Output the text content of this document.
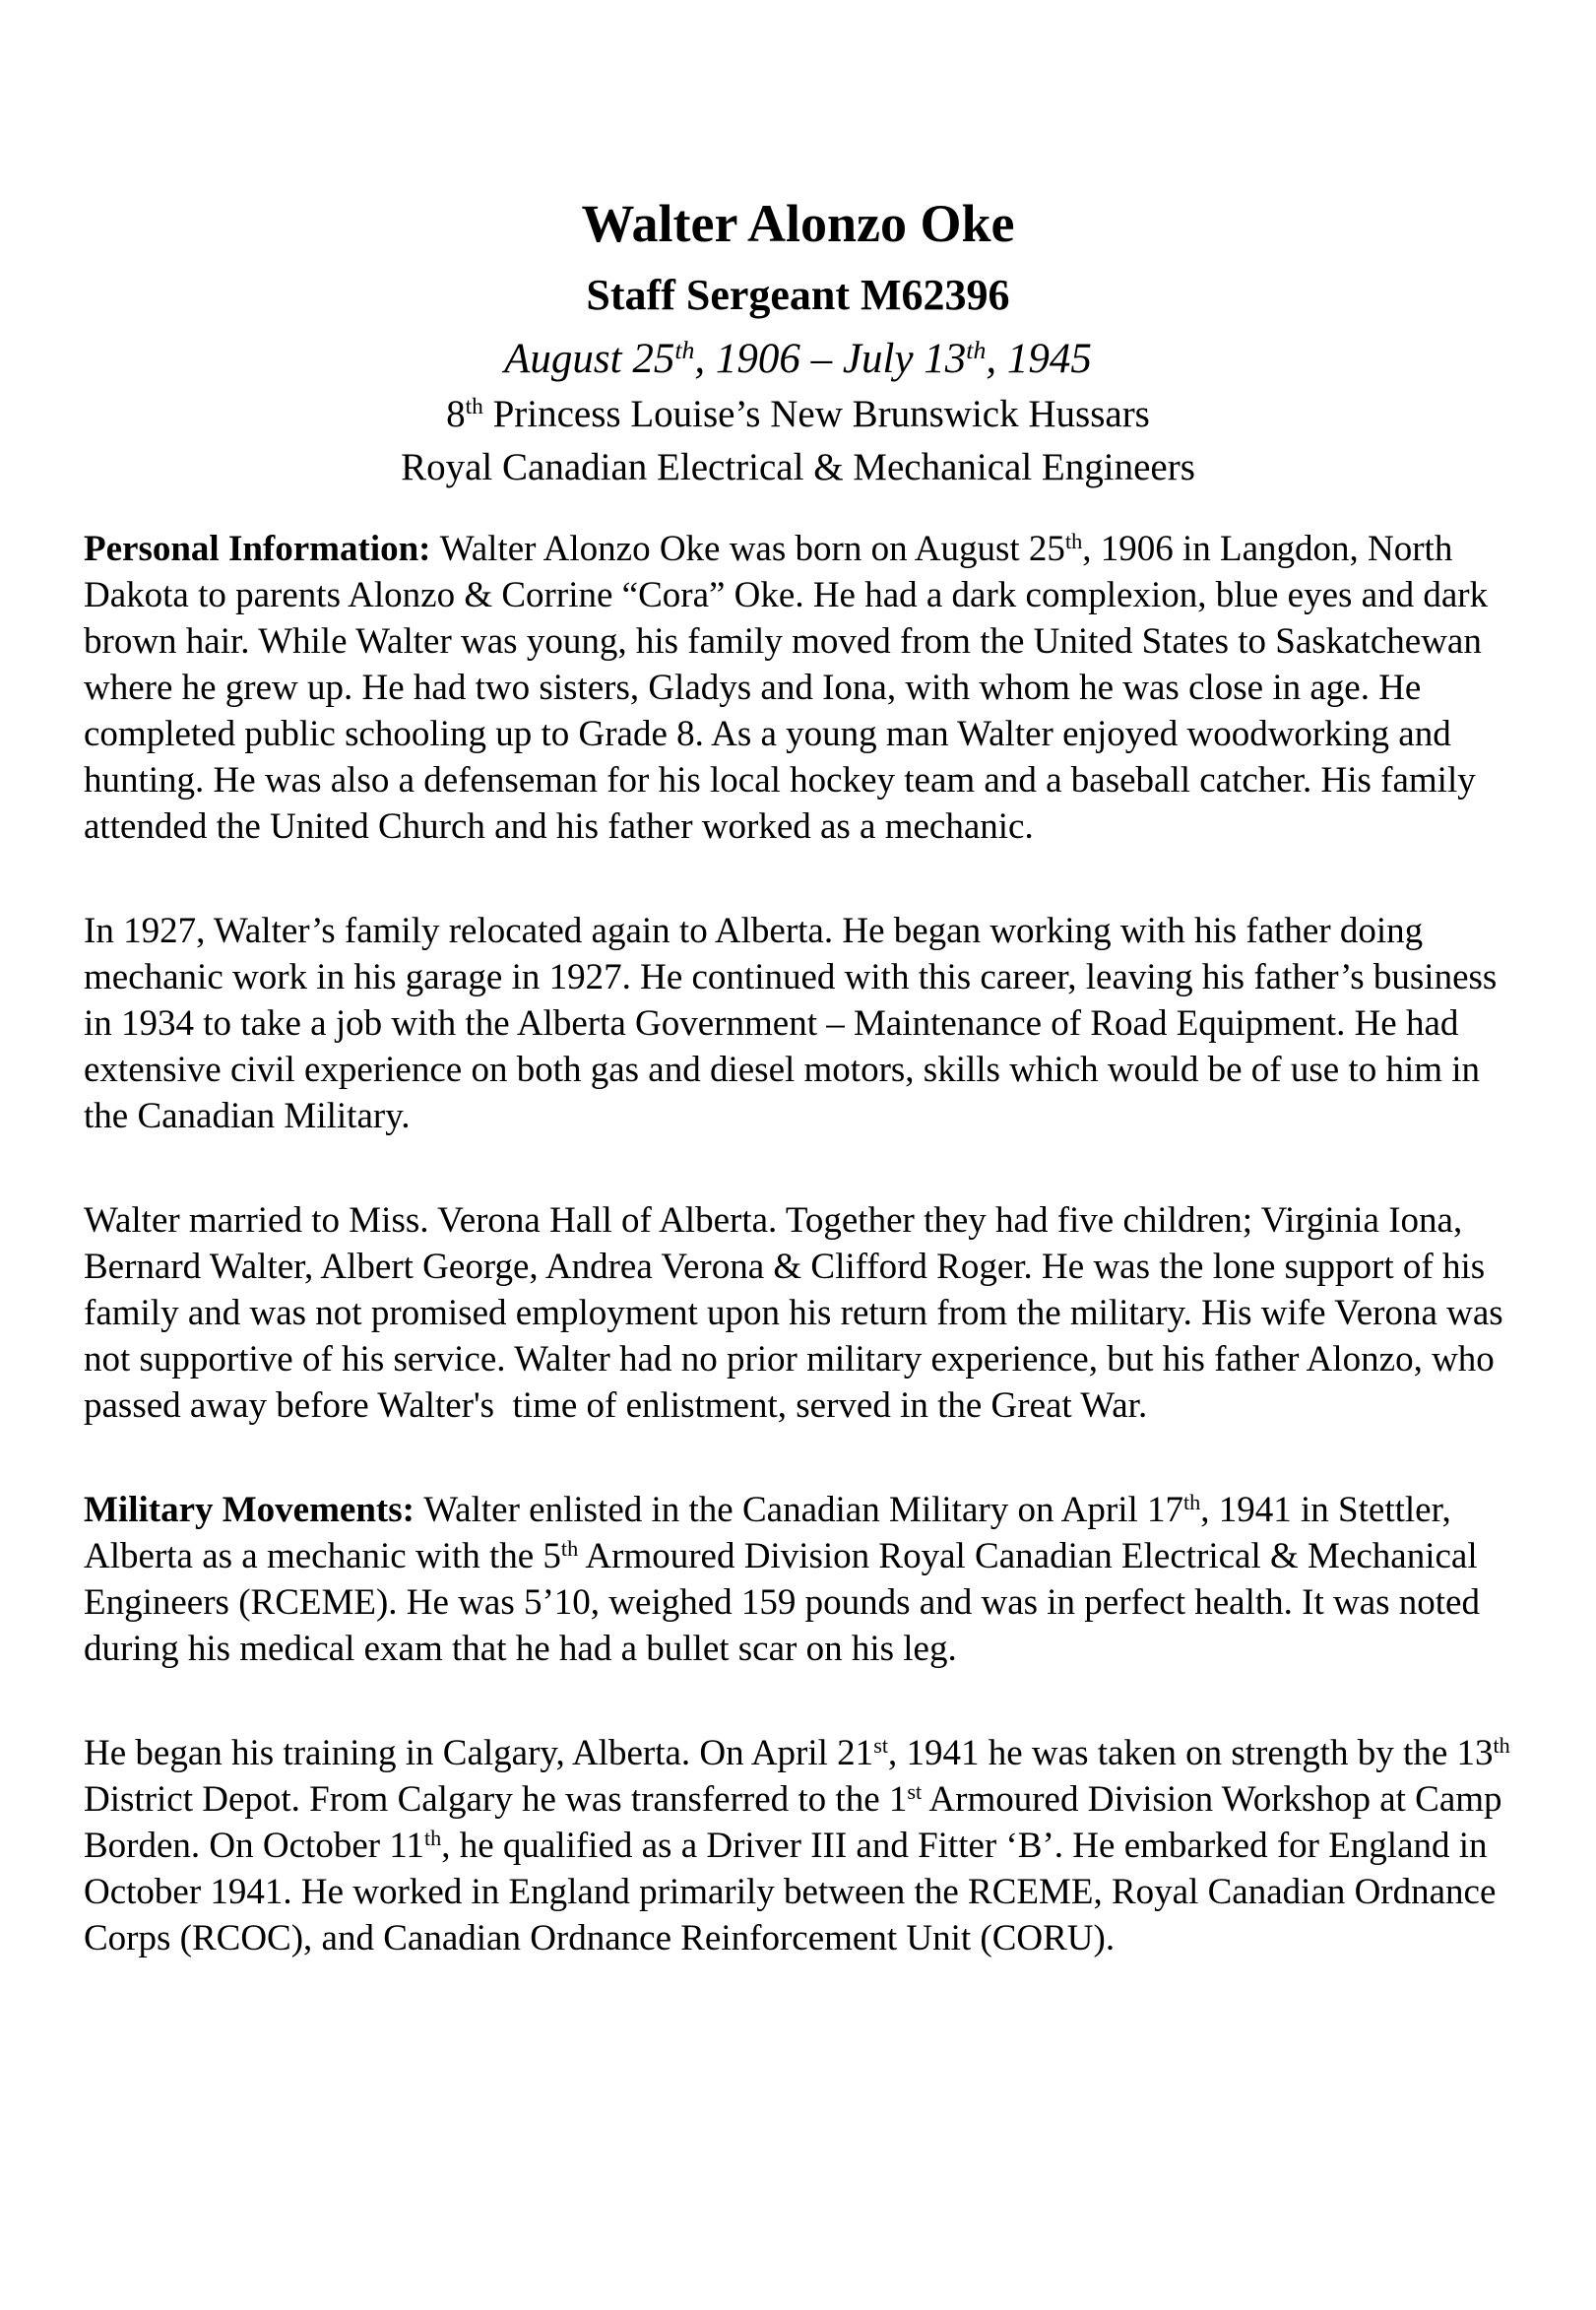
Walter Alonzo Oke
Staff Sergeant M62396
August 25th, 1906 – July 13th, 1945
8th Princess Louise’s New Brunswick Hussars
Royal Canadian Electrical & Mechanical Engineers

Personal Information: Walter Alonzo Oke was born on August 25th, 1906 in Langdon, North Dakota to parents Alonzo & Corrine “Cora” Oke. He had a dark complexion, blue eyes and dark brown hair. While Walter was young, his family moved from the United States to Saskatchewan where he grew up. He had two sisters, Gladys and Iona, with whom he was close in age. He completed public schooling up to Grade 8. As a young man Walter enjoyed woodworking and hunting. He was also a defenseman for his local hockey team and a baseball catcher. His family attended the United Church and his father worked as a mechanic.

In 1927, Walter’s family relocated again to Alberta. He began working with his father doing mechanic work in his garage in 1927. He continued with this career, leaving his father’s business in 1934 to take a job with the Alberta Government – Maintenance of Road Equipment. He had extensive civil experience on both gas and diesel motors, skills which would be of use to him in the Canadian Military.

Walter married to Miss. Verona Hall of Alberta. Together they had five children; Virginia Iona, Bernard Walter, Albert George, Andrea Verona & Clifford Roger. He was the lone support of his family and was not promised employment upon his return from the military. His wife Verona was not supportive of his service. Walter had no prior military experience, but his father Alonzo, who passed away before Walter's  time of enlistment, served in the Great War.

Military Movements: Walter enlisted in the Canadian Military on April 17th, 1941 in Stettler, Alberta as a mechanic with the 5th Armoured Division Royal Canadian Electrical & Mechanical Engineers (RCEME). He was 5’10, weighed 159 pounds and was in perfect health. It was noted during his medical exam that he had a bullet scar on his leg.

He began his training in Calgary, Alberta. On April 21st, 1941 he was taken on strength by the 13th District Depot. From Calgary he was transferred to the 1st Armoured Division Workshop at Camp Borden. On October 11th, he qualified as a Driver III and Fitter ‘B’. He embarked for England in October 1941. He worked in England primarily between the RCEME, Royal Canadian Ordnance Corps (RCOC), and Canadian Ordnance Reinforcement Unit (CORU).
